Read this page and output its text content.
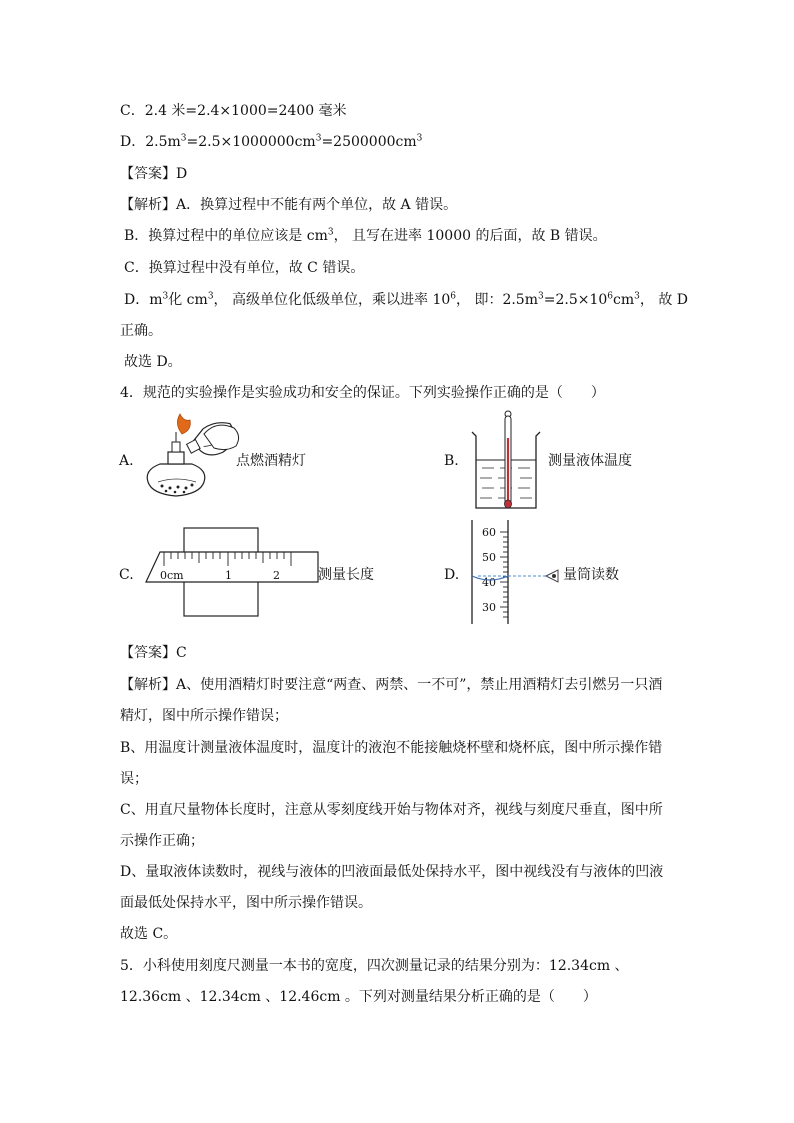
C．2.4 米=2.4×1000=2400 毫米
D．$2.5m^3=2.5\times 1000000cm^3=2500000cm^3$
【答案】D
【解析】A．换算过程中不能有两个单位，故 A 错误。
B．换算过程中的单位应该是 $cm^3$， 且写在进率 10000 的后面，故 B 错误。
C．换算过程中没有单位，故 C 错误。
D．$m^3$化 $cm^3$， 高级单位化低级单位，乘以进率 $10^6$， 即：$2.5m^3=2.5\times 10^6cm^3$， 故 D
正确。
故选 D。
4．规范的实验操作是实验成功和安全的保证。下列实验操作正确的是（　　）
A.	点燃酒精灯	B.	测量液体温度
C. 0cm	1	2	测量长度	D.
60
50
40
30
量筒读数
【答案】C
【解析】A、使用酒精灯时要注意“两查、两禁、一不可”，禁止用酒精灯去引燃另一只酒
精灯，图中所示操作错误；
B、用温度计测量液体温度时，温度计的液泡不能接触烧杯壁和烧杯底，图中所示操作错
误；
C、用直尺量物体长度时，注意从零刻度线开始与物体对齐，视线与刻度尺垂直，图中所
示操作正确；
D、量取液体读数时，视线与液体的凹液面最低处保持水平，图中视线没有与液体的凹液
面最低处保持水平，图中所示操作错误。
故选 C。
5．小科使用刻度尺测量一本书的宽度，四次测量记录的结果分别为：12.34cm 、
12.36cm 、12.34cm 、12.46cm 。下列对测量结果分析正确的是（　　）
